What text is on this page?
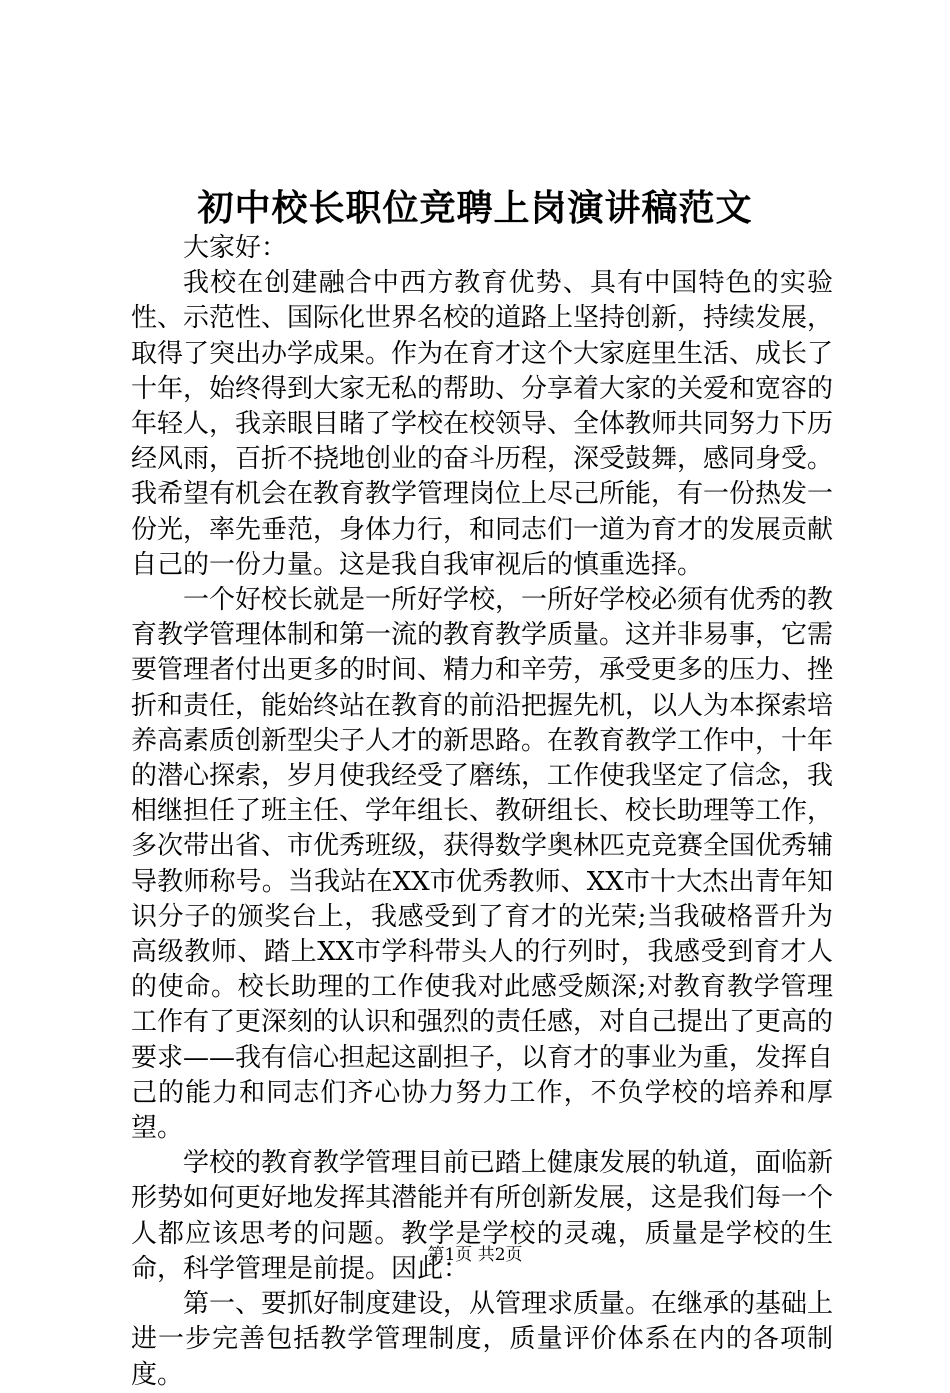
初中校长职位竞聘上岗演讲稿范文

大家好：

我校在创建融合中西方教育优势、具有中国特色的实验性、示范性、国际化世界名校的道路上坚持创新，持续发展，取得了突出办学成果。作为在育才这个大家庭里生活、成长了十年，始终得到大家无私的帮助、分享着大家的关爱和宽容的年轻人，我亲眼目睹了学校在校领导、全体教师共同努力下历经风雨，百折不挠地创业的奋斗历程，深受鼓舞，感同身受。我希望有机会在教育教学管理岗位上尽己所能，有一份热发一份光，率先垂范，身体力行，和同志们一道为育才的发展贡献自己的一份力量。这是我自我审视后的慎重选择。

一个好校长就是一所好学校，一所好学校必须有优秀的教育教学管理体制和第一流的教育教学质量。这并非易事，它需要管理者付出更多的时间、精力和辛劳，承受更多的压力、挫折和责任，能始终站在教育的前沿把握先机，以人为本探索培养高素质创新型尖子人才的新思路。在教育教学工作中，十年的潜心探索，岁月使我经受了磨练，工作使我坚定了信念，我相继担任了班主任、学年组长、教研组长、校长助理等工作，多次带出省、市优秀班级，获得数学奥林匹克竞赛全国优秀辅导教师称号。当我站在XX市优秀教师、XX市十大杰出青年知识分子的颁奖台上，我感受到了育才的光荣;当我破格晋升为高级教师、踏上XX市学科带头人的行列时，我感受到育才人的使命。校长助理的工作使我对此感受颇深;对教育教学管理工作有了更深刻的认识和强烈的责任感，对自己提出了更高的要求——我有信心担起这副担子，以育才的事业为重，发挥自己的能力和同志们齐心协力努力工作，不负学校的培养和厚望。

学校的教育教学管理目前已踏上健康发展的轨道，面临新形势如何更好地发挥其潜能并有所创新发展，这是我们每一个人都应该思考的问题。教学是学校的灵魂，质量是学校的生命，科学管理是前提。因此：

第一、要抓好制度建设，从管理求质量。在继承的基础上进一步完善包括教学管理制度，质量评价体系在内的各项制度。

第1页 共2页
